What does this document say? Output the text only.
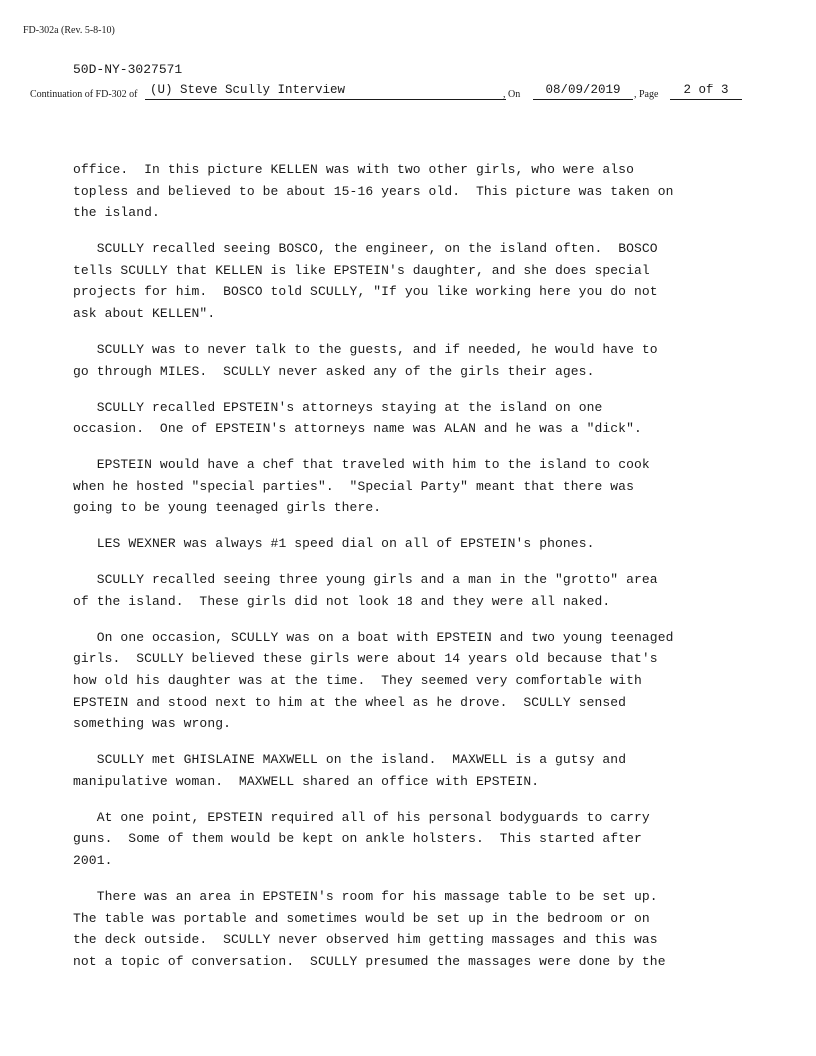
FD-302a (Rev. 5-8-10)
50D-NY-3027571
Continuation of FD-302 of	(U) Steve Scully Interview	, On	08/09/2019	, Page	2 of 3

office.  In this picture KELLEN was with two other girls, who were also
topless and believed to be about 15-16 years old.  This picture was taken on
the island.

SCULLY recalled seeing BOSCO, the engineer, on the island often.  BOSCO
tells SCULLY that KELLEN is like EPSTEIN's daughter, and she does special
projects for him.  BOSCO told SCULLY, "If you like working here you do not
ask about KELLEN".

SCULLY was to never talk to the guests, and if needed, he would have to
go through MILES.  SCULLY never asked any of the girls their ages.

SCULLY recalled EPSTEIN's attorneys staying at the island on one
occasion.  One of EPSTEIN's attorneys name was ALAN and he was a "dick".

EPSTEIN would have a chef that traveled with him to the island to cook
when he hosted "special parties".  "Special Party" meant that there was
going to be young teenaged girls there.

LES WEXNER was always #1 speed dial on all of EPSTEIN's phones.

SCULLY recalled seeing three young girls and a man in the "grotto" area
of the island.  These girls did not look 18 and they were all naked.

On one occasion, SCULLY was on a boat with EPSTEIN and two young teenaged
girls.  SCULLY believed these girls were about 14 years old because that's
how old his daughter was at the time.  They seemed very comfortable with
EPSTEIN and stood next to him at the wheel as he drove.  SCULLY sensed
something was wrong.

SCULLY met GHISLAINE MAXWELL on the island.  MAXWELL is a gutsy and
manipulative woman.  MAXWELL shared an office with EPSTEIN.

At one point, EPSTEIN required all of his personal bodyguards to carry
guns.  Some of them would be kept on ankle holsters.  This started after
2001.

There was an area in EPSTEIN's room for his massage table to be set up.
The table was portable and sometimes would be set up in the bedroom or on
the deck outside.  SCULLY never observed him getting massages and this was
not a topic of conversation.  SCULLY presumed the massages were done by the
